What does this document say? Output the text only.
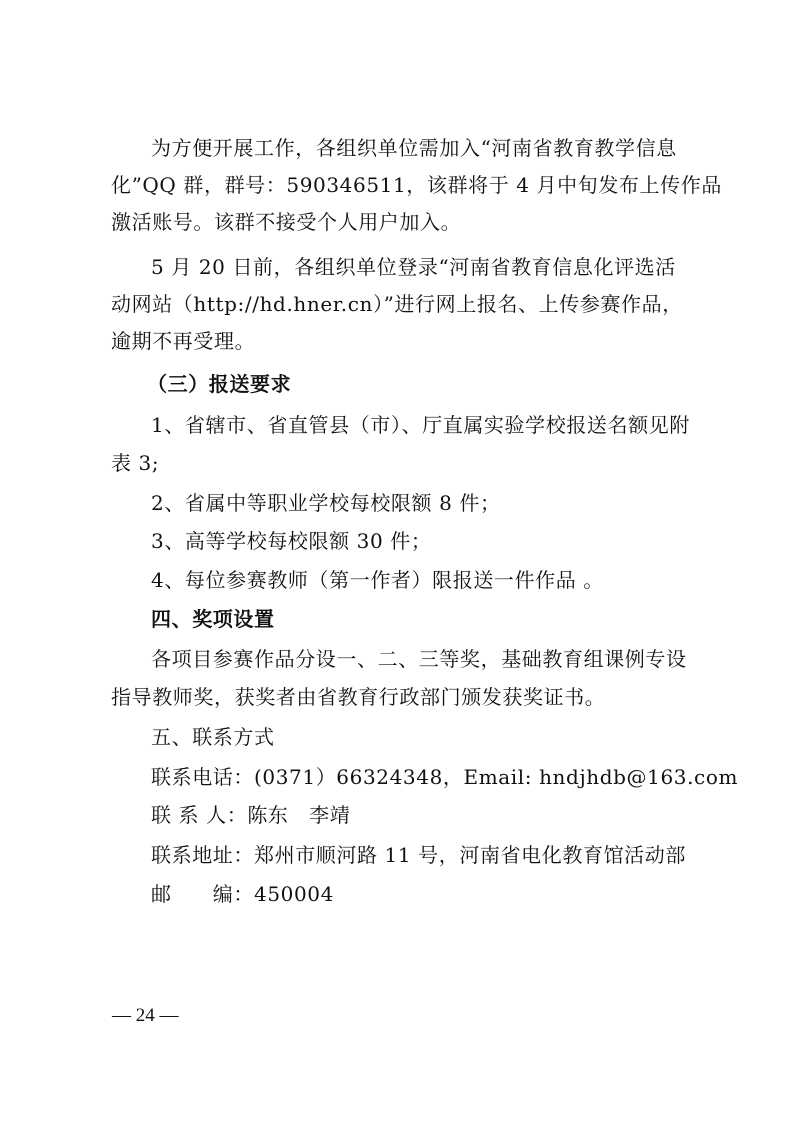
为方便开展工作，各组织单位需加入“河南省教育教学信息
化”QQ 群，群号：590346511，该群将于 4 月中旬发布上传作品
激活账号。该群不接受个人用户加入。
5 月 20 日前，各组织单位登录“河南省教育信息化评选活
动网站（http://hd.hner.cn）”进行网上报名、上传参赛作品，
逾期不再受理。
（三）报送要求
1、省辖市、省直管县（市）、厅直属实验学校报送名额见附
表 3;
2、省属中等职业学校每校限额 8 件；
3、高等学校每校限额 30 件；
4、每位参赛教师（第一作者）限报送一件作品 。
四、奖项设置
各项目参赛作品分设一、二、三等奖，基础教育组课例专设
指导教师奖，获奖者由省教育行政部门颁发获奖证书。
五、联系方式
联系电话：(0371）66324348，Email: hndjhdb@163.com
联 系 人：陈东　李靖
联系地址：郑州市顺河路 11 号，河南省电化教育馆活动部
邮　　编：450004
— 24 —
